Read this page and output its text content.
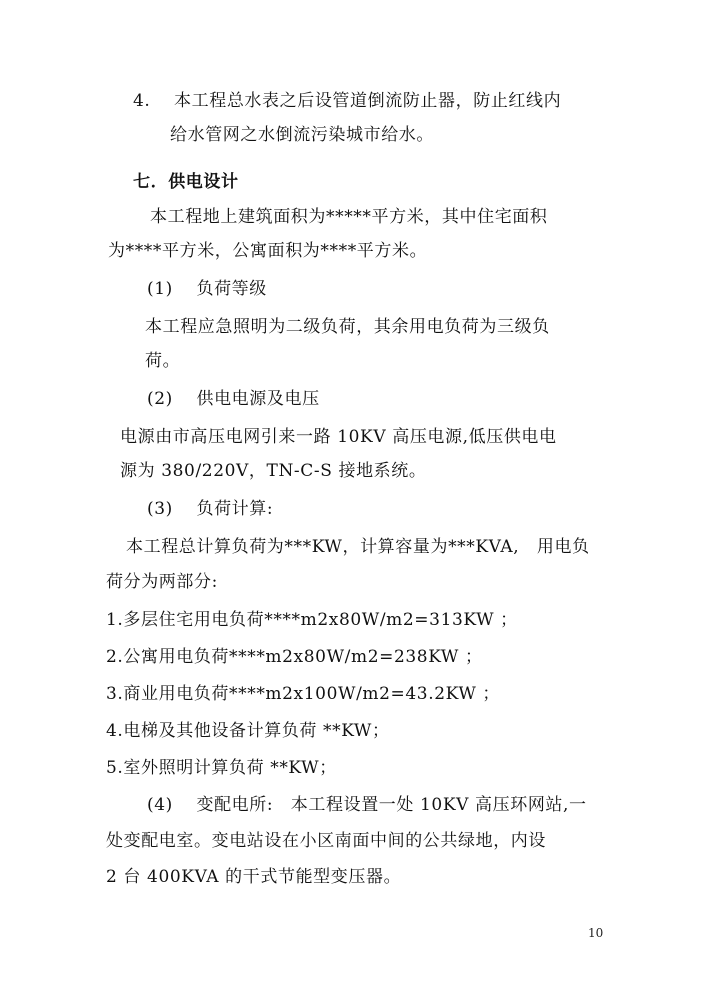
4.　 本工程总水表之后设管道倒流防止器，防止红线内
给水管网之水倒流污染城市给水。
七．供电设计
本工程地上建筑面积为*****平方米，其中住宅面积
为****平方米，公寓面积为****平方米。
(1)　 负荷等级
本工程应急照明为二级负荷，其余用电负荷为三级负
荷。
(2)　 供电电源及电压
电源由市高压电网引来一路 10KV 高压电源,低压供电电
源为 380/220V，TN-C-S 接地系统。
(3)　 负荷计算:
本工程总计算负荷为***KW，计算容量为***KVA,　用电负
荷分为两部分:
1.多层住宅用电负荷****m2x80W/m2=313KW ；
2.公寓用电负荷****m2x80W/m2=238KW ；
3.商业用电负荷****m2x100W/m2=43.2KW ；
4.电梯及其他设备计算负荷 **KW；
5.室外照明计算负荷 **KW；
(4)　 变配电所:　本工程设置一处 10KV 高压环网站,一
处变配电室。变电站设在小区南面中间的公共绿地，内设
2 台 400KVA 的干式节能型变压器。
10
